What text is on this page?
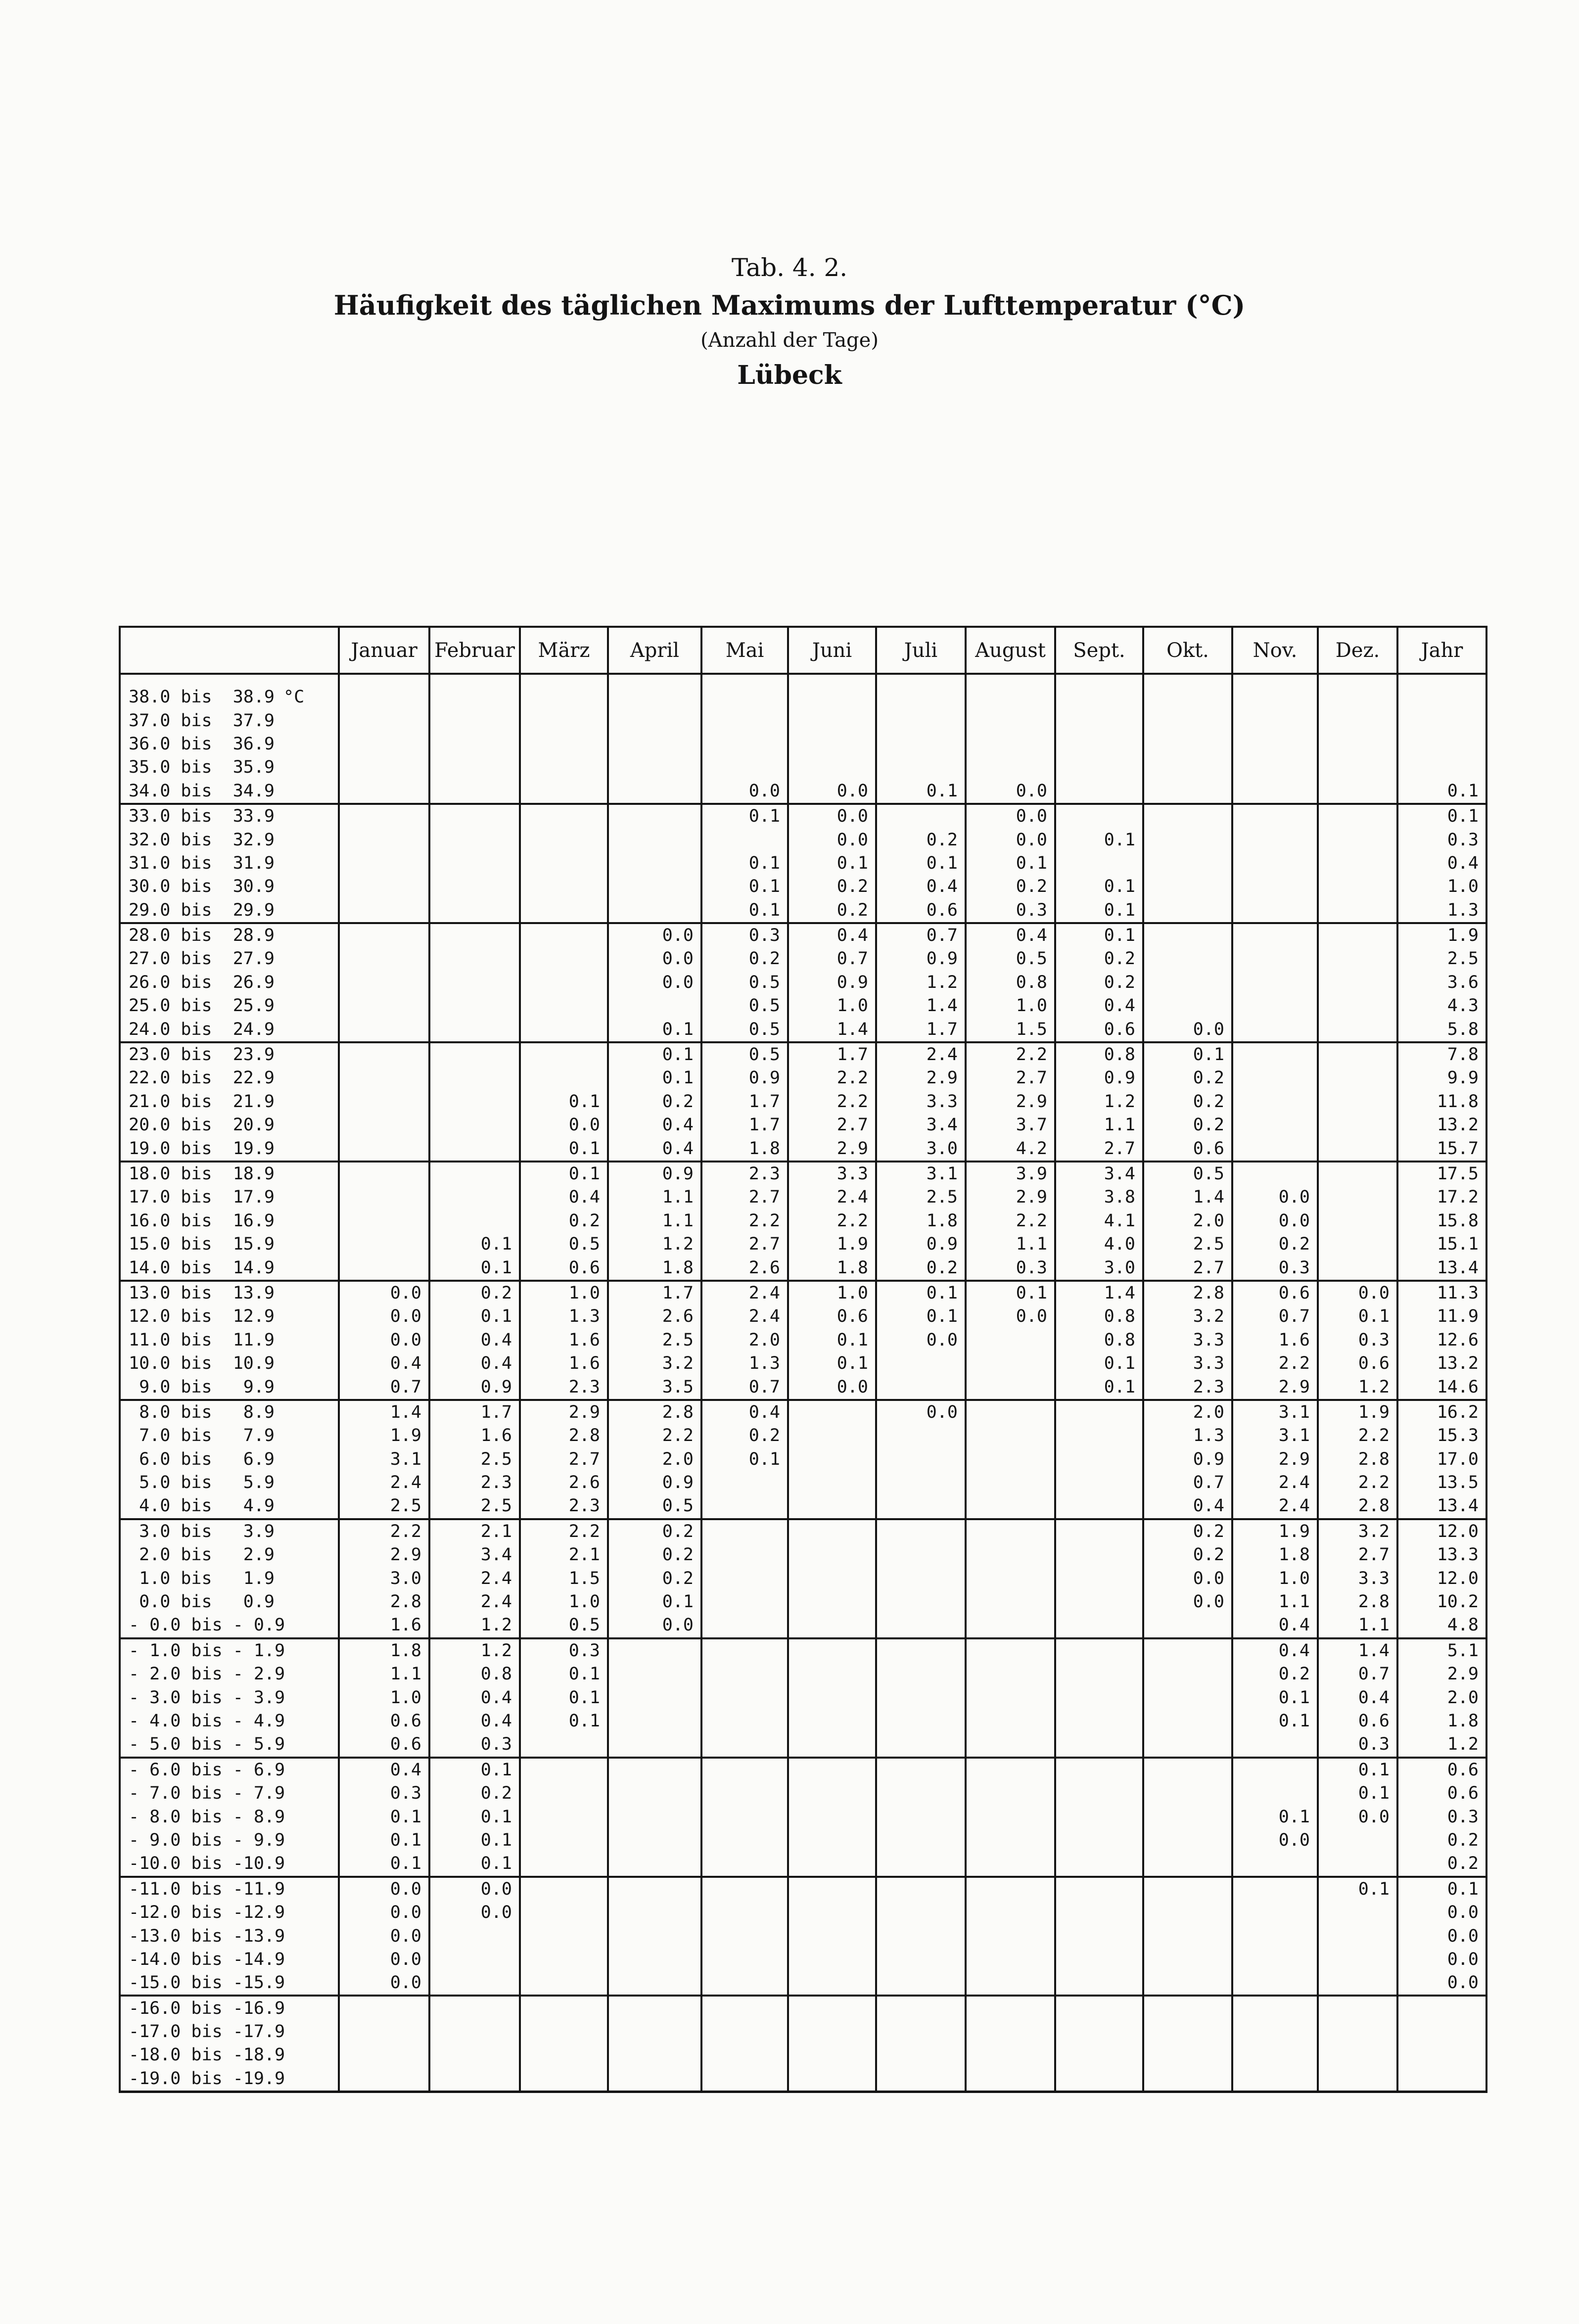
Tab. 4. 2.
Häufigkeit des täglichen Maximums der Lufttemperatur (°C)
(Anzahl der Tage)
Lübeck
	Januar	Februar	März	April	Mai	Juni	Juli	August	Sept.	Okt.	Nov.	Dez.	Jahr
38.0 bis  38.9 °C													
37.0 bis  37.9													
36.0 bis  36.9													
35.0 bis  35.9													
34.0 bis  34.9					0.0	0.0	0.1	0.0					0.1
33.0 bis  33.9					0.1	0.0		0.0					0.1
32.0 bis  32.9						0.0	0.2	0.0	0.1				0.3
31.0 bis  31.9					0.1	0.1	0.1	0.1					0.4
30.0 bis  30.9					0.1	0.2	0.4	0.2	0.1				1.0
29.0 bis  29.9					0.1	0.2	0.6	0.3	0.1				1.3
28.0 bis  28.9				0.0	0.3	0.4	0.7	0.4	0.1				1.9
27.0 bis  27.9				0.0	0.2	0.7	0.9	0.5	0.2				2.5
26.0 bis  26.9				0.0	0.5	0.9	1.2	0.8	0.2				3.6
25.0 bis  25.9					0.5	1.0	1.4	1.0	0.4				4.3
24.0 bis  24.9				0.1	0.5	1.4	1.7	1.5	0.6	0.0			5.8
23.0 bis  23.9				0.1	0.5	1.7	2.4	2.2	0.8	0.1			7.8
22.0 bis  22.9				0.1	0.9	2.2	2.9	2.7	0.9	0.2			9.9
21.0 bis  21.9			0.1	0.2	1.7	2.2	3.3	2.9	1.2	0.2			11.8
20.0 bis  20.9			0.0	0.4	1.7	2.7	3.4	3.7	1.1	0.2			13.2
19.0 bis  19.9			0.1	0.4	1.8	2.9	3.0	4.2	2.7	0.6			15.7
18.0 bis  18.9			0.1	0.9	2.3	3.3	3.1	3.9	3.4	0.5			17.5
17.0 bis  17.9			0.4	1.1	2.7	2.4	2.5	2.9	3.8	1.4	0.0		17.2
16.0 bis  16.9			0.2	1.1	2.2	2.2	1.8	2.2	4.1	2.0	0.0		15.8
15.0 bis  15.9		0.1	0.5	1.2	2.7	1.9	0.9	1.1	4.0	2.5	0.2		15.1
14.0 bis  14.9		0.1	0.6	1.8	2.6	1.8	0.2	0.3	3.0	2.7	0.3		13.4
13.0 bis  13.9	0.0	0.2	1.0	1.7	2.4	1.0	0.1	0.1	1.4	2.8	0.6	0.0	11.3
12.0 bis  12.9	0.0	0.1	1.3	2.6	2.4	0.6	0.1	0.0	0.8	3.2	0.7	0.1	11.9
11.0 bis  11.9	0.0	0.4	1.6	2.5	2.0	0.1	0.0		0.8	3.3	1.6	0.3	12.6
10.0 bis  10.9	0.4	0.4	1.6	3.2	1.3	0.1			0.1	3.3	2.2	0.6	13.2
9.0 bis   9.9	0.7	0.9	2.3	3.5	0.7	0.0			0.1	2.3	2.9	1.2	14.6
8.0 bis   8.9	1.4	1.7	2.9	2.8	0.4		0.0			2.0	3.1	1.9	16.2
7.0 bis   7.9	1.9	1.6	2.8	2.2	0.2					1.3	3.1	2.2	15.3
6.0 bis   6.9	3.1	2.5	2.7	2.0	0.1					0.9	2.9	2.8	17.0
5.0 bis   5.9	2.4	2.3	2.6	0.9						0.7	2.4	2.2	13.5
4.0 bis   4.9	2.5	2.5	2.3	0.5						0.4	2.4	2.8	13.4
3.0 bis   3.9	2.2	2.1	2.2	0.2						0.2	1.9	3.2	12.0
2.0 bis   2.9	2.9	3.4	2.1	0.2						0.2	1.8	2.7	13.3
1.0 bis   1.9	3.0	2.4	1.5	0.2						0.0	1.0	3.3	12.0
0.0 bis   0.9	2.8	2.4	1.0	0.1						0.0	1.1	2.8	10.2
- 0.0 bis - 0.9	1.6	1.2	0.5	0.0							0.4	1.1	4.8
- 1.0 bis - 1.9	1.8	1.2	0.3								0.4	1.4	5.1
- 2.0 bis - 2.9	1.1	0.8	0.1								0.2	0.7	2.9
- 3.0 bis - 3.9	1.0	0.4	0.1								0.1	0.4	2.0
- 4.0 bis - 4.9	0.6	0.4	0.1								0.1	0.6	1.8
- 5.0 bis - 5.9	0.6	0.3										0.3	1.2
- 6.0 bis - 6.9	0.4	0.1										0.1	0.6
- 7.0 bis - 7.9	0.3	0.2										0.1	0.6
- 8.0 bis - 8.9	0.1	0.1									0.1	0.0	0.3
- 9.0 bis - 9.9	0.1	0.1									0.0		0.2
-10.0 bis -10.9	0.1	0.1											0.2
-11.0 bis -11.9	0.0	0.0										0.1	0.1
-12.0 bis -12.9	0.0	0.0											0.0
-13.0 bis -13.9	0.0												0.0
-14.0 bis -14.9	0.0												0.0
-15.0 bis -15.9	0.0												0.0
-16.0 bis -16.9													
-17.0 bis -17.9													
-18.0 bis -18.9													
-19.0 bis -19.9													
